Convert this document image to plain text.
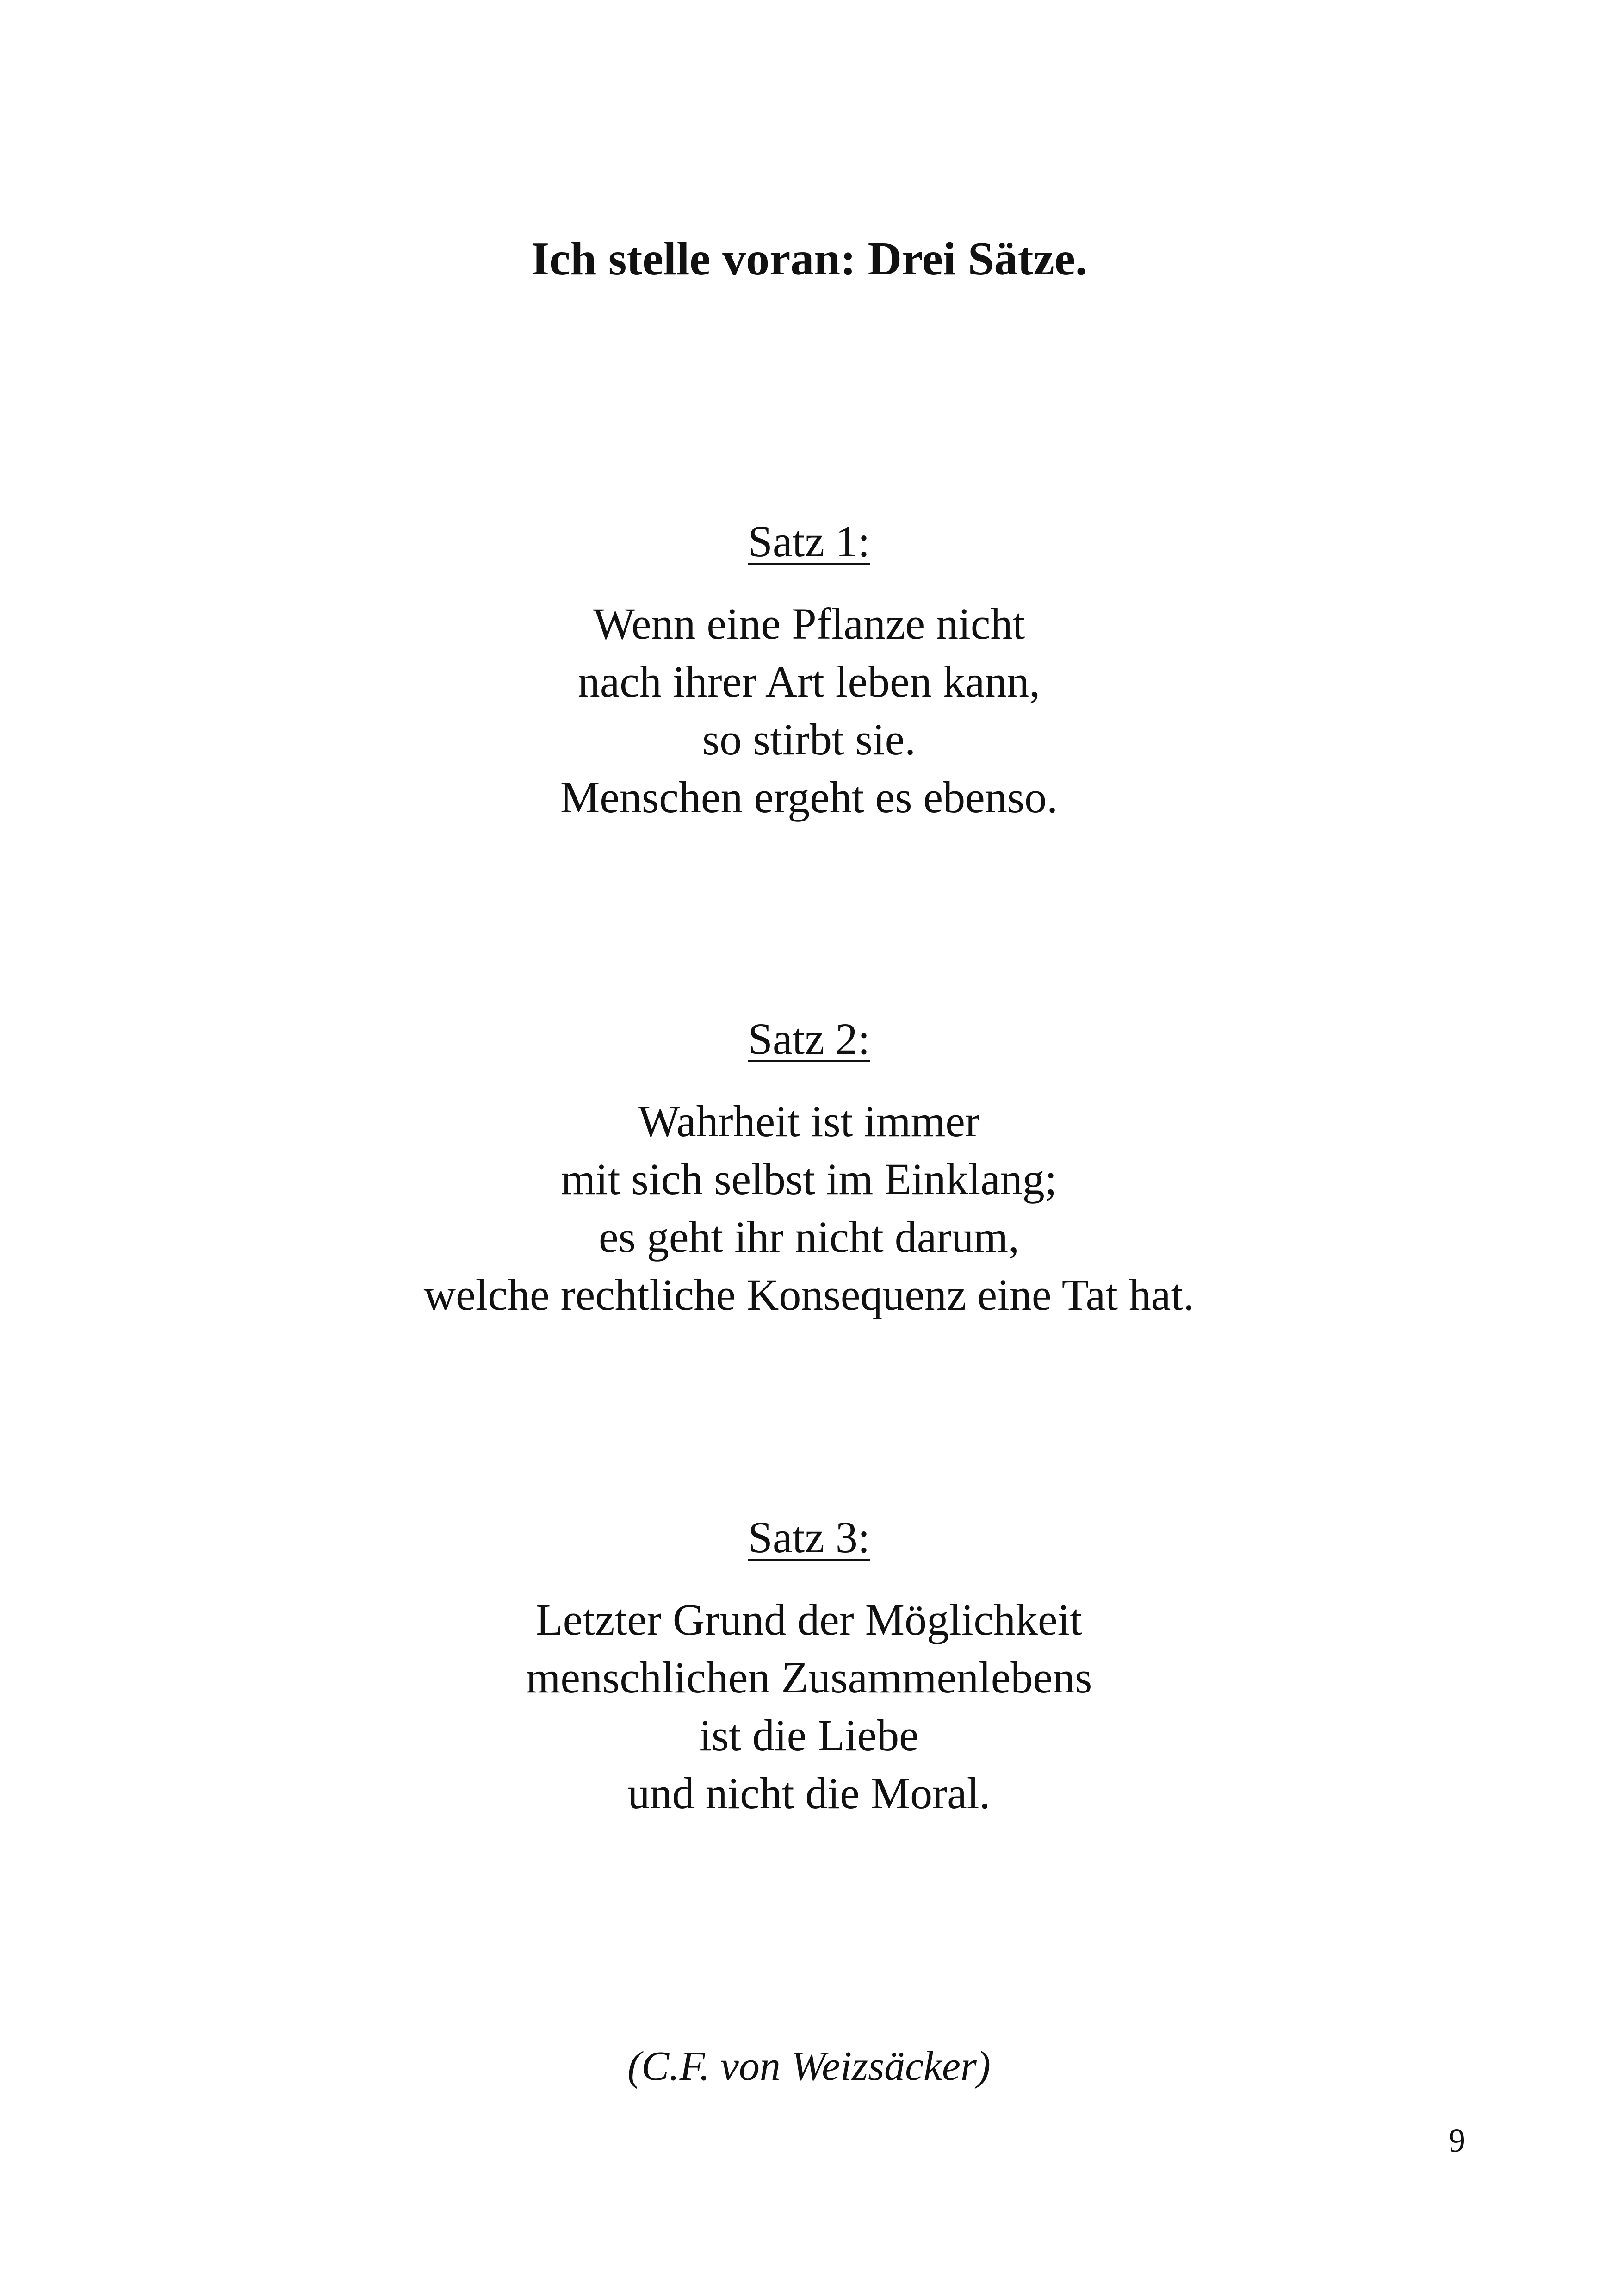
Ich stelle voran: Drei Sätze.

Satz 1:

Wenn eine Pflanze nicht
nach ihrer Art leben kann,
so stirbt sie.
Menschen ergeht es ebenso.

Satz 2:

Wahrheit ist immer
mit sich selbst im Einklang;
es geht ihr nicht darum,
welche rechtliche Konsequenz eine Tat hat.

Satz 3:

Letzter Grund der Möglichkeit
menschlichen Zusammenlebens
ist die Liebe
und nicht die Moral.

(C.F. von Weizsäcker)

9
